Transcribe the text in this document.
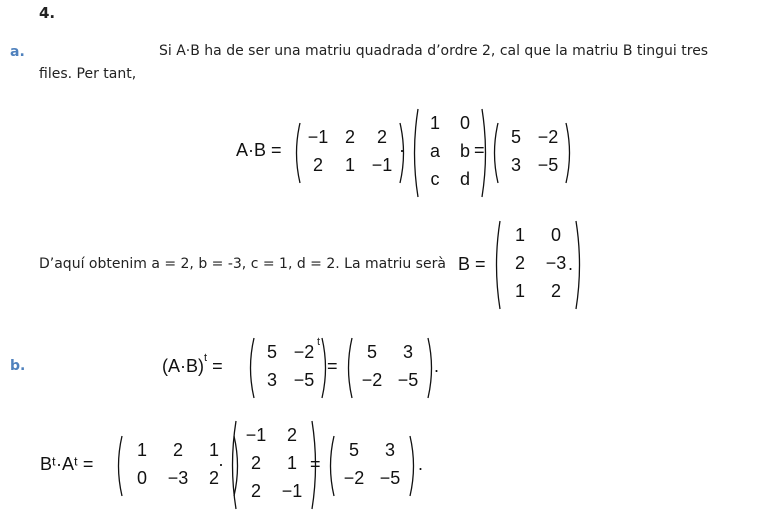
4.
a.	Si A·B ha de ser una matriu quadrada d’ordre 2, cal que la matriu B tingui tres
files. Per tant,
A·B =
−1 2	2
2	1 −1
·
1	0
a	b
c	d
=
5 −2
3 −5
D’aquí obtenim a = 2, b = -3, c = 1, d = 2. La matriu serà B =
1	0
2	−3
1	2
.
b.	$(A\cdot B)^t$ =
5 −2
3 −5
t
=
5	3
−2 −5
.
Bᵗ·Aᵗ =
1	2	1
0	−3	2
·
−1	2
2	1
2	−1
=
5	3
−2 −5
.
